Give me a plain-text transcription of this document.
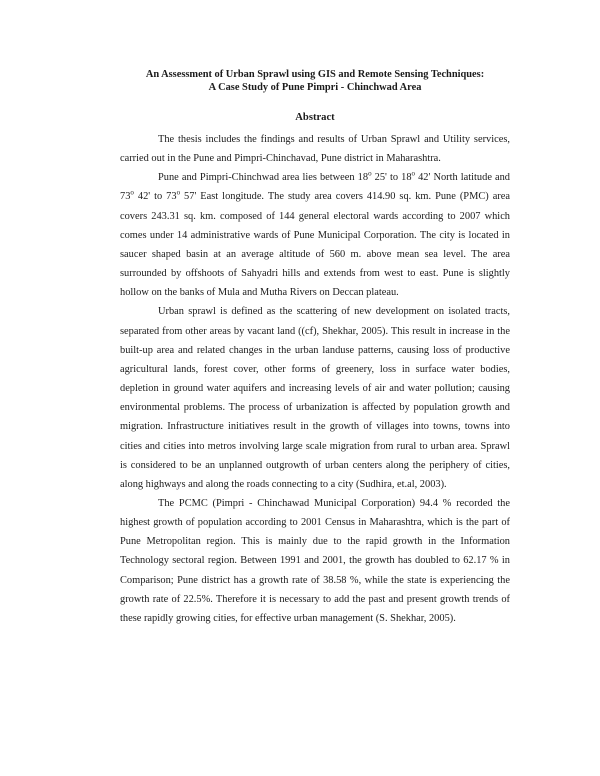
An Assessment of Urban Sprawl using GIS and Remote Sensing Techniques:
A Case Study of Pune Pimpri - Chinchwad Area

Abstract

The thesis includes the findings and results of Urban Sprawl and Utility services, carried out in the Pune and Pimpri-Chinchavad, Pune district in Maharashtra.

Pune and Pimpri-Chinchwad area lies between 18$^o$ 25' to 18$^o$ 42' North latitude and 73$^o$ 42' to 73$^o$ 57' East longitude. The study area covers 414.90 sq. km. Pune (PMC) area covers 243.31 sq. km. composed of 144 general electoral wards according to 2007 which comes under 14 administrative wards of Pune Municipal Corporation. The city is located in saucer shaped basin at an average altitude of 560 m. above mean sea level. The area surrounded by offshoots of Sahyadri hills and extends from west to east. Pune is slightly hollow on the banks of Mula and Mutha Rivers on Deccan plateau.

Urban sprawl is defined as the scattering of new development on isolated tracts, separated from other areas by vacant land ((cf), Shekhar, 2005). This result in increase in the built-up area and related changes in the urban landuse patterns, causing loss of productive agricultural lands, forest cover, other forms of greenery, loss in surface water bodies, depletion in ground water aquifers and increasing levels of air and water pollution; causing environmental problems. The process of urbanization is affected by population growth and migration. Infrastructure initiatives result in the growth of villages into towns, towns into cities and cities into metros involving large scale migration from rural to urban area. Sprawl is considered to be an unplanned outgrowth of urban centers along the periphery of cities, along highways and along the roads connecting to a city (Sudhira, et.al, 2003).

The PCMC (Pimpri - Chinchawad Municipal Corporation) 94.4 % recorded the highest growth of population according to 2001 Census in Maharashtra, which is the part of Pune Metropolitan region. This is mainly due to the rapid growth in the Information Technology sectoral region. Between 1991 and 2001, the growth has doubled to 62.17 % in Comparison; Pune district has a growth rate of 38.58 %, while the state is experiencing the growth rate of 22.5%. Therefore it is necessary to add the past and present growth trends of these rapidly growing cities, for effective urban management (S. Shekhar, 2005).
